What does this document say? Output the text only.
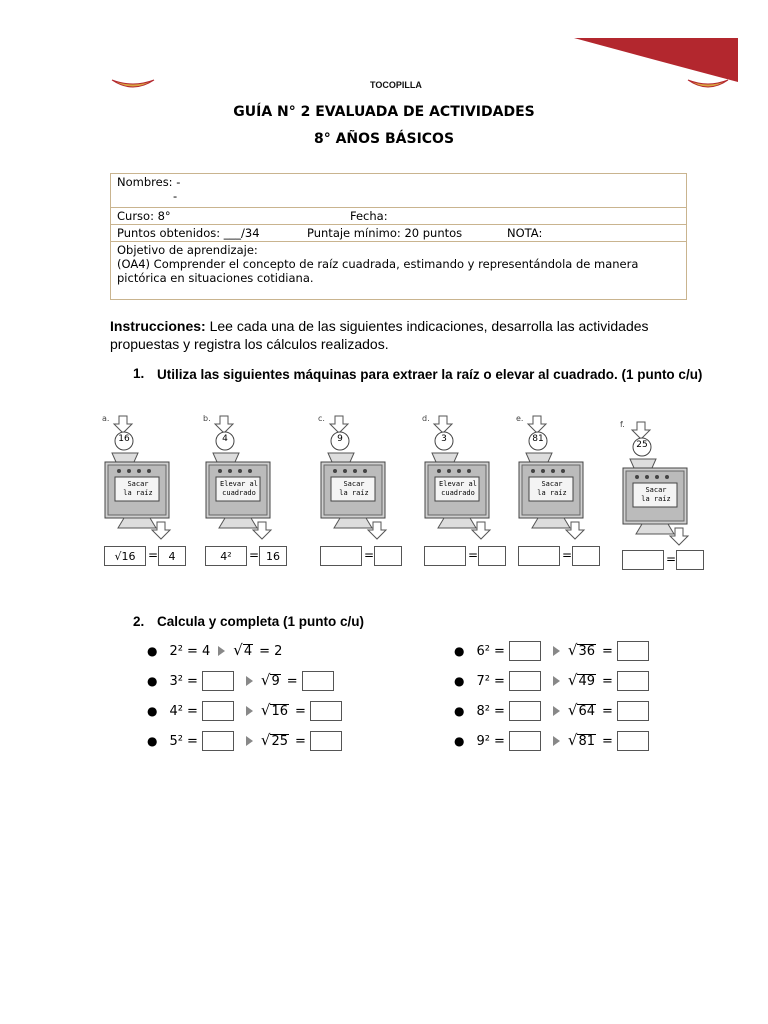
TOCOPILLA
GUÍA N° 2 EVALUADA DE ACTIVIDADES
8° AÑOS BÁSICOS
Nombres: -
-

Curso: 8°	Fecha:
Puntos obtenidos: ___/34	Puntaje mínimo: 20 puntos	NOTA:

Objetivo de aprendizaje:
(OA4) Comprender el concepto de raíz cuadrada, estimando y representándola de manera pictórica en situaciones cotidiana.
Instrucciones: Lee cada una de las siguientes indicaciones, desarrolla las actividades propuestas y registra los cálculos realizados.
1. Utiliza las siguientes máquinas para extraer la raíz o elevar al cuadrado. (1 punto c/u)
a.
16
Sacar
la raíz
√16	= 4
b.
4
Elevar al
cuadrado
4²	= 16
c.
9
Sacar
la raíz
=
d.
3
Elevar al
cuadrado
=
e.
81
Sacar
la raíz
=
f.
25
Sacar
la raíz
=
2. Calcula y completa (1 punto c/u)
● 2² = 4 √ 4 = 2
● 3² =	√ 9 =
● 4² =	√ 16 =
● 5² =	√ 25 =
● 6² =	√ 36 =
● 7² =	√ 49 =
● 8² =	√ 64 =
● 9² =	√ 81 =
